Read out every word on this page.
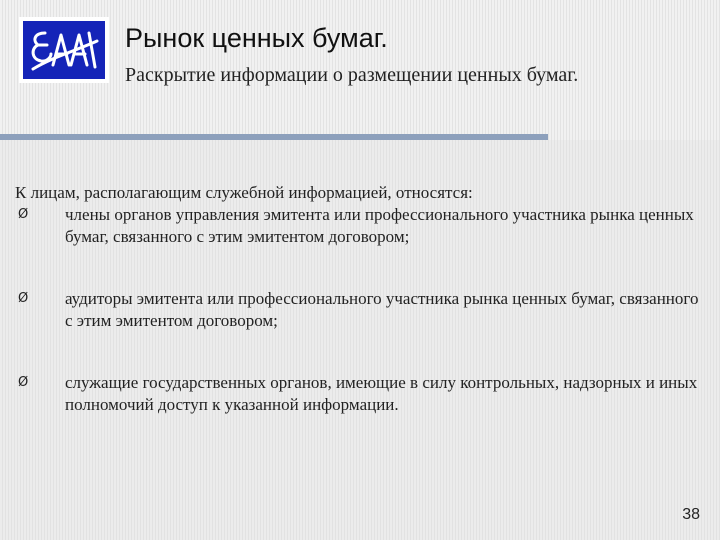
Рынок ценных бумаг.
Раскрытие информации о размещении ценных бумаг.
К лицам, располагающим служебной информацией, относятся:
Ø члены органов управления эмитента или профессионального участника рынка ценных бумаг, связанного с этим эмитентом договором;
Ø аудиторы эмитента или профессионального участника рынка ценных бумаг, связанного с этим эмитентом договором;
Ø служащие государственных органов, имеющие в силу контрольных, надзорных и иных полномочий доступ к указанной информации.
38
